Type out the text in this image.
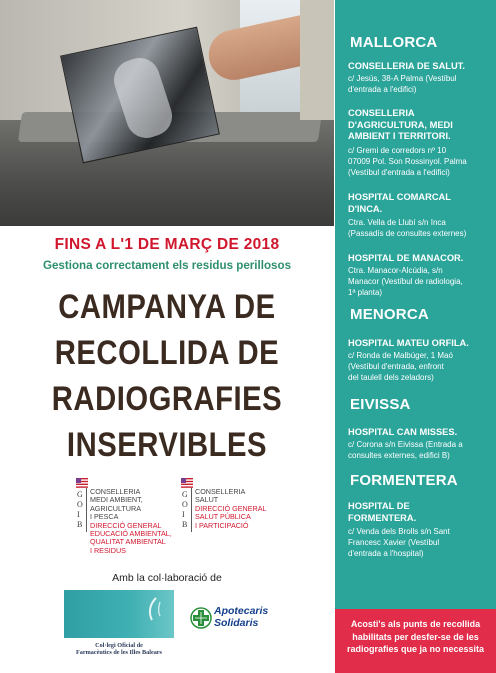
FINS A L'1 DE MARÇ DE 2018
Gestiona correctament els residus perillosos
CAMPANYA DE
RECOLLIDA DE
RADIOGRAFIES
INSERVIBLES
G
O
I
B
CONSELLERIA
MEDI AMBIENT,
AGRICULTURA
I PESCA
DIRECCIÓ GENERAL
EDUCACIÓ AMBIENTAL,
QUALITAT AMBIENTAL
I RESIDUS
G
O
I
B
CONSELLERIA
SALUT
DIRECCIÓ GENERAL
SALUT PÚBLICA
I PARTICIPACIÓ
Amb la col·laboració de
Col·legi Oficial de
Farmacèutics de les Illes Balears
Apotecaris
Solidaris
MALLORCA
CONSELLERIA DE SALUT.
c/ Jesús, 38-A Palma (Vestíbul
d'entrada a l'edifici)
CONSELLERIA
D'AGRICULTURA, MEDI
AMBIENT I TERRITORI.
c/ Gremi de corredors nº 10
07009 Pol. Son Rossinyol. Palma
(Vestíbul d'entrada a l'edifici)
HOSPITAL COMARCAL
D'INCA.
Ctra. Vella de Llubí s/n Inca
(Passadís de consultes externes)
HOSPITAL DE MANACOR.
Ctra. Manacor-Alcúdia, s/n
Manacor (Vestíbul de radiologia,
1ª planta)
MENORCA
HOSPITAL MATEU ORFILA.
c/ Ronda de Malbúger, 1 Maó
(Vestíbul d'entrada, enfront
del taulell dels zeladors)
EIVISSA
HOSPITAL CAN MISSES.
c/ Corona s/n Eivissa (Entrada a
consultes externes, edifici B)
FORMENTERA
HOSPITAL DE
FORMENTERA.
c/ Venda dels Brolls s/n Sant
Francesc Xavier (Vestíbul
d'entrada a l'hospital)
Acosti's als punts de recollida
habilitats per desfer-se de les
radiografies que ja no necessita
